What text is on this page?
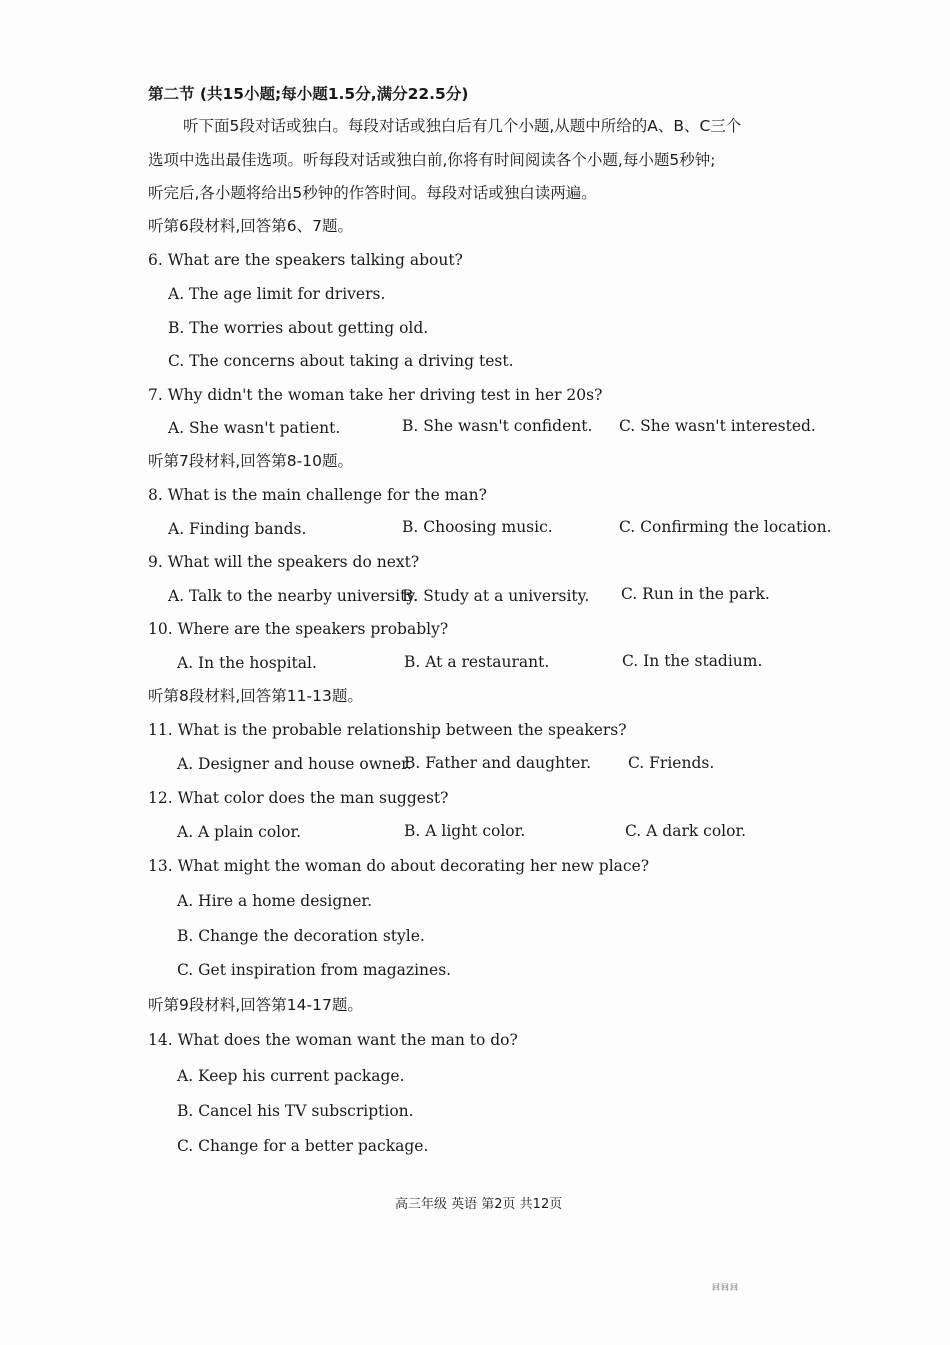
第二节 (共15小题;每小题1.5分,满分22.5分)
听下面5段对话或独白。每段对话或独白后有几个小题,从题中所给的A、B、C三个
选项中选出最佳选项。听每段对话或独白前,你将有时间阅读各个小题,每小题5秒钟;
听完后,各小题将给出5秒钟的作答时间。每段对话或独白读两遍。
听第6段材料,回答第6、7题。
6. What are the speakers talking about?
A. The age limit for drivers.
B. The worries about getting old.
C. The concerns about taking a driving test.
7. Why didn't the woman take her driving test in her 20s?
A. She wasn't patient.	B. She wasn't confident. C. She wasn't interested.
听第7段材料,回答第8-10题。
8. What is the main challenge for the man?
A. Finding bands.	B. Choosing music.	C. Confirming the location.
9. What will the speakers do next?
A. Talk to the nearby university.
B. Study at a university. C. Run in the park.
10. Where are the speakers probably?
A. In the hospital.	B. At a restaurant.	C. In the stadium.
听第8段材料,回答第11-13题。
11. What is the probable relationship between the speakers?
A. Designer and house owner.
B. Father and daughter. C. Friends.
12. What color does the man suggest?
A. A plain color.	B. A light color.	C. A dark color.
13. What might the woman do about decorating her new place?
A. Hire a home designer.
B. Change the decoration style.
C. Get inspiration from magazines.
听第9段材料,回答第14-17题。
14. What does the woman want the man to do?
A. Keep his current package.
B. Cancel his TV subscription.
C. Change for a better package.
高三年级 英语 第2页 共12页
回回回
